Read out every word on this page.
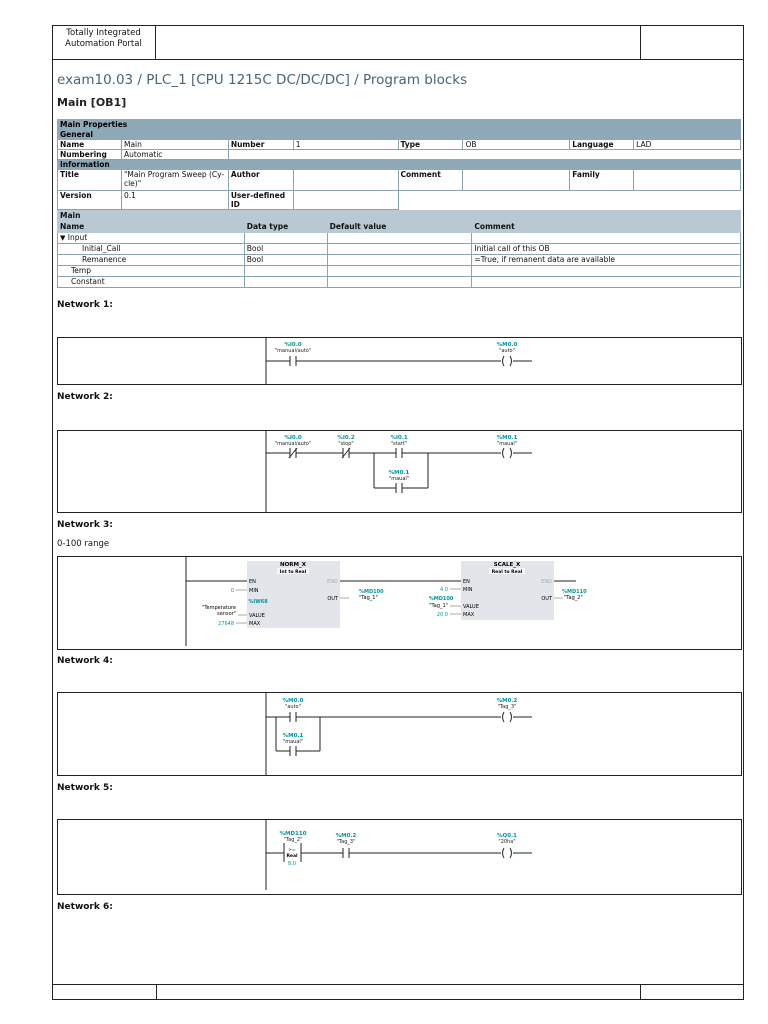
Totally Integrated
Automation Portal
exam10.03 / PLC_1 [CPU 1215C DC/DC/DC] / Program blocks
Main [OB1]
Main Properties							
General							
Name	Main	Number	1	Type	OB	Language	LAD
Numbering	Automatic						
Information							
Title	"Main Program Sweep (Cy-cle)"	Author		Comment		Family	
Version	0.1	User-defined ID					
Main			
Name	Data type	Default value	Comment
▼ Input			
Initial_Call	Bool		Initial call of this OB
Remanence	Bool		=True, if remanent data are available
Temp			
Constant			
Network 1:
%I0.0
"manual/auto"
%M0.0
"auto"
Network 2:
%I0.0
"manual/auto"
%I0.2
"stop"
%I0.1
"start"
%M0.1
"maual"
%M0.1
"maual"
Network 3:
0-100 range
NORM_X
Int to Real
EN	ENO
0	MIN
%IW68
"Temperature
sensor"	VALUE
27648	MAX
OUT
%MD100
"Tag_1"
SCALE_X
Real to Real
EN	ENO
4.0	MIN
%MD100
"Tag_1"	VALUE
20.0	MAX
OUT
%MD110
"Tag_2"
Network 4:
%M0.0
"auto"
%M0.1
"maual"
%M0.2
"Tag_3"
Network 5:
>=
Real
8.0
%MD110
"Tag_2"
%M0.2
"Tag_3"
%Q0.1
"20ha"
Network 6:
